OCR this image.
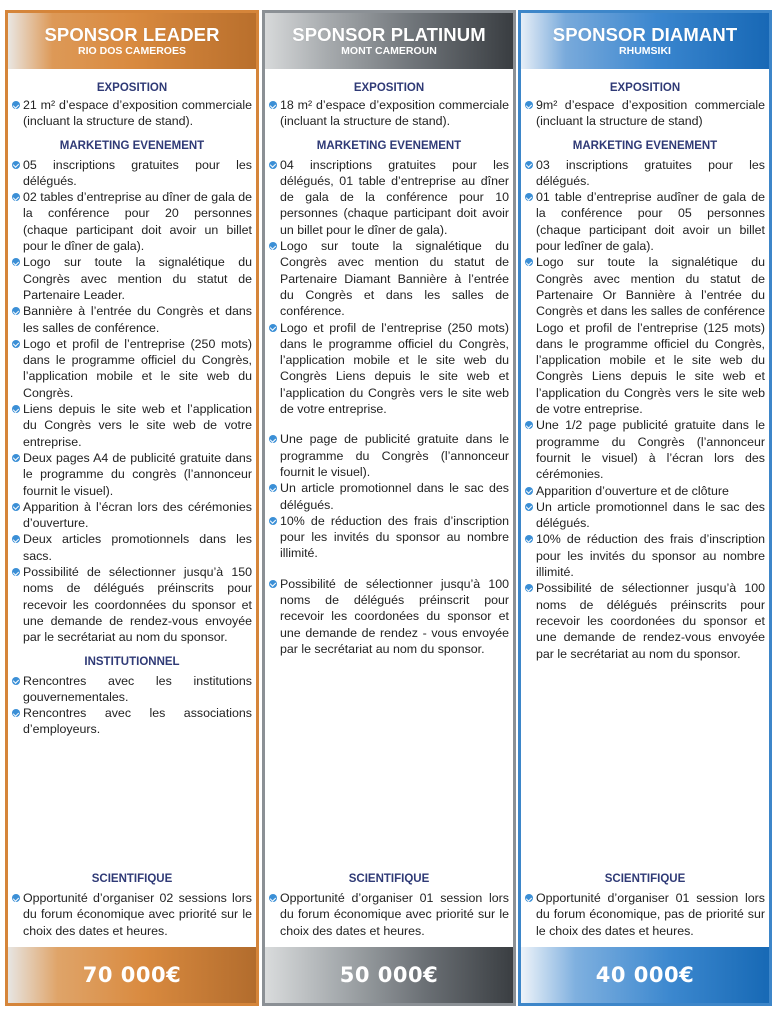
SPONSOR LEADER
RIO DOS CAMEROES
EXPOSITION
21 m² d’espace d’exposition commerciale (incluant la structure de stand).
MARKETING EVENEMENT
05 inscriptions gratuites pour les délégués.
02 tables d’entreprise au dîner de gala de la conférence pour 20 personnes (chaque participant doit avoir un billet pour le dîner de gala).
Logo sur toute la signalétique du Congrès avec mention du statut de Partenaire Leader.
Bannière à l’entrée du Congrès et dans les salles de conférence.
Logo et profil de l’entreprise (250 mots) dans le programme officiel du Congrès, l’application mobile et le site web du Congrès.
Liens depuis le site web et l’application du Congrès vers le site web de votre entreprise.
Deux pages A4 de publicité gratuite dans le programme du congrès (l’annonceur fournit le visuel).
Apparition à l’écran lors des cérémonies d’ouverture.
Deux articles promotionnels dans les sacs.
Possibilité de sélectionner jusqu’à 150 noms de délégués préinscrits pour recevoir les coordonnées du sponsor et une demande de rendez-vous envoyée par le secrétariat au nom du sponsor.
INSTITUTIONNEL
Rencontres avec les institutions gouvernementales.
Rencontres avec les associations d’employeurs.
SCIENTIFIQUE
Opportunité d’organiser 02 sessions lors du forum économique avec priorité sur le choix des dates et heures.
70 000€
SPONSOR PLATINUM
MONT CAMEROUN
EXPOSITION
18 m² d’espace d’exposition commerciale (incluant la structure de stand).
MARKETING EVENEMENT
04 inscriptions gratuites pour les délégués, 01 table d’entreprise au dîner de gala de la conférence pour 10 personnes (chaque participant doit avoir un billet pour le dîner de gala).
Logo sur toute la signalétique du Congrès avec mention du statut de Partenaire Diamant Bannière à l’entrée du Congrès et dans les salles de conférence.
Logo et profil de l’entreprise (250 mots) dans le programme officiel du Congrès, l’application mobile et le site web du Congrès Liens depuis le site web et l’application du Congrès vers le site web de votre entreprise.
Une page de publicité gratuite dans le programme du Congrès (l’annonceur fournit le visuel).
Un article promotionnel dans le sac des délégués.
10% de réduction des frais d’inscription pour les invités du sponsor au nombre illimité.
Possibilité de sélectionner jusqu’à 100 noms de délégués préinscrit pour recevoir les coordonées du sponsor et une demande de rendez - vous envoyée par le secrétariat au nom du sponsor.
SCIENTIFIQUE
Opportunité d’organiser 01 session lors du forum économique avec priorité sur le choix des dates et heures.
50 000€
SPONSOR DIAMANT
RHUMSIKI
EXPOSITION
9m² d’espace d’exposition commerciale (incluant la structure de stand)
MARKETING EVENEMENT
03 inscriptions gratuites pour les délégués.
01 table d’entreprise audîner de gala de la conférence pour 05 personnes (chaque participant doit avoir un billet pour ledîner de gala).
Logo sur toute la signalétique du Congrès avec mention du statut de Partenaire Or Bannière à l’entrée du Congrès et dans les salles de conférence Logo et profil de l’entreprise (125 mots) dans le programme officiel du Congrès, l’application mobile et le site web du Congrès Liens depuis le site web et l’application du Congrès vers le site web de votre entreprise.
Une 1/2 page publicité gratuite dans le programme du Congrès (l’annonceur fournit le visuel) à l’écran lors des cérémonies.
Apparition d’ouverture et de clôture
Un article promotionnel dans le sac des délégués.
10% de réduction des frais d’inscription pour les invités du sponsor au nombre illimité.
Possibilité de sélectionner jusqu’à 100 noms de délégués préinscrits pour recevoir les coordonées du sponsor et une demande de rendez-vous envoyée par le secrétariat au nom du sponsor.
SCIENTIFIQUE
Opportunité d’organiser 01 session lors du forum économique, pas de priorité sur le choix des dates et heures.
40 000€
